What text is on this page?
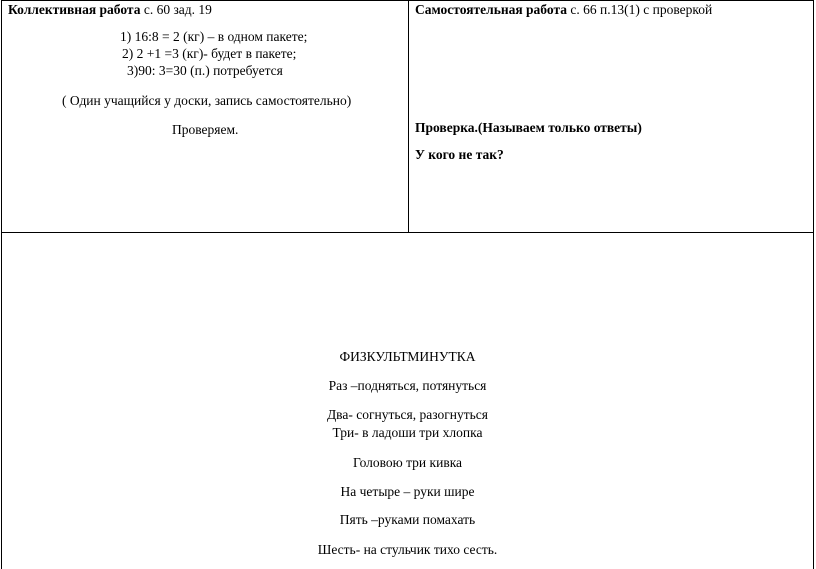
Коллективная работа с. 60 зад. 19
1) 16:8 = 2 (кг) – в одном пакете;
2) 2 +1 =3 (кг)- будет в пакете;
3)90: 3=30 (п.) потребуется
( Один учащийся у доски, запись самостоятельно)
Проверяем.
Самостоятельная работа с. 66 п.13(1) с проверкой
Проверка.(Называем только ответы)
У кого не так?
ФИЗКУЛЬТМИНУТКА
Раз –подняться, потянуться
Два- согнуться, разогнуться
Три- в ладоши три хлопка
Головою три кивка
На четыре – руки шире
Пять –руками помахать
Шесть- на стульчик тихо сесть.
